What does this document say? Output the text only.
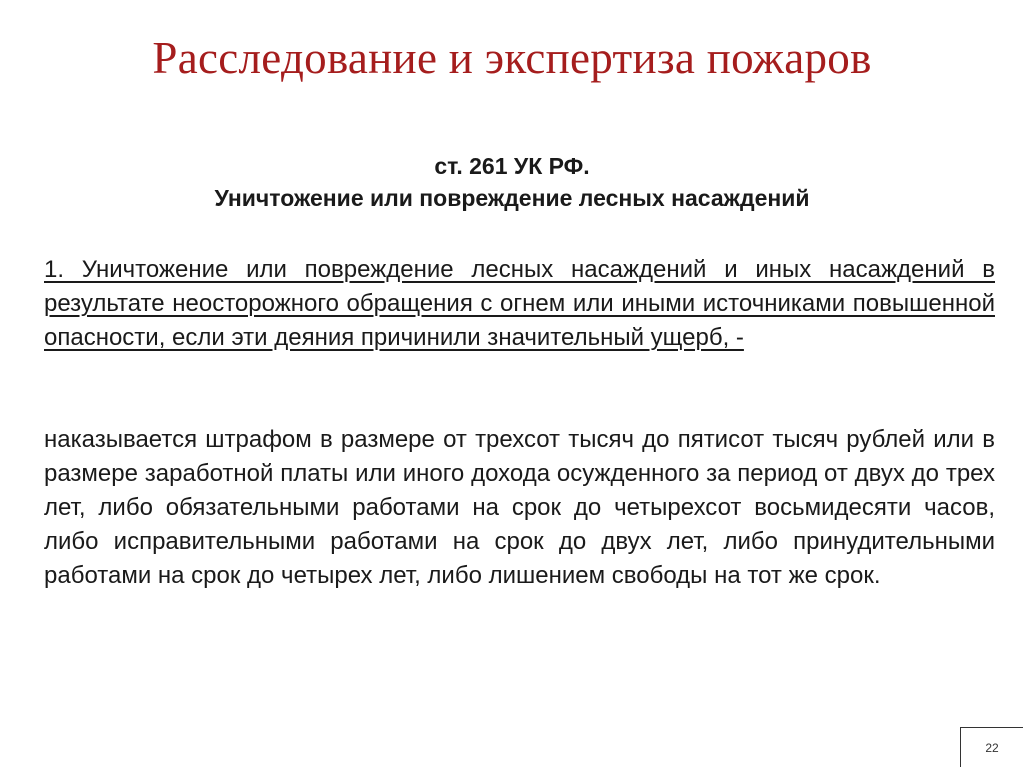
Расследование и экспертиза пожаров
ст. 261 УК РФ.
Уничтожение или повреждение лесных насаждений
1. Уничтожение или повреждение лесных насаждений и иных насаждений в результате неосторожного обращения с огнем или иными источниками повышенной опасности, если эти деяния причинили значительный ущерб, -
наказывается штрафом в размере от трехсот тысяч до пятисот тысяч рублей или в размере заработной платы или иного дохода осужденного за период от двух до трех лет, либо обязательными работами на срок до четырехсот восьмидесяти часов, либо исправительными работами на срок до двух лет, либо принудительными работами на срок до четырех лет, либо лишением свободы на тот же срок.
22
